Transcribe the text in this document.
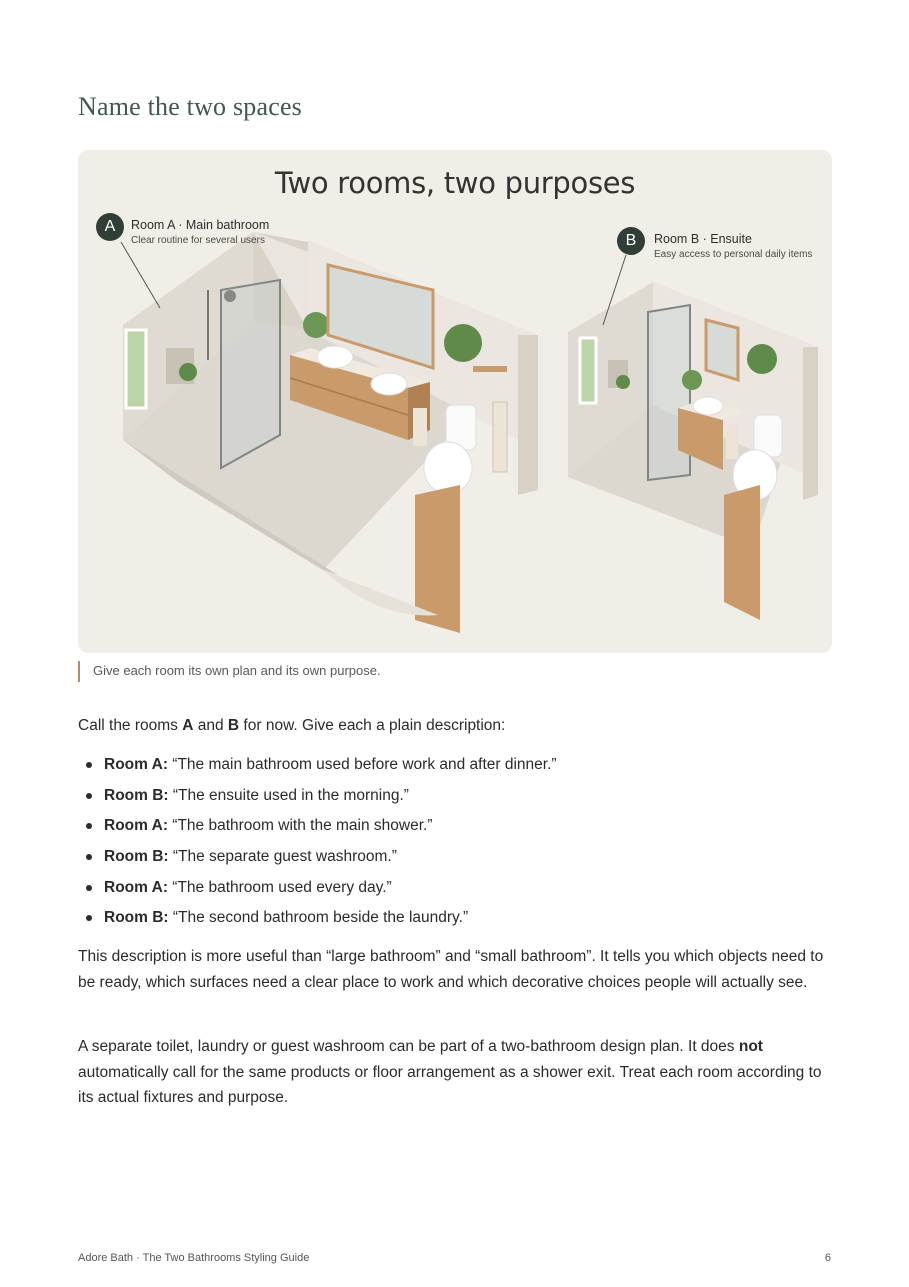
Name the two spaces
Two rooms, two purposes
A	Room A · Main bathroom
Clear routine for several users	B	Room B · Ensuite
Easy access to personal daily items
Give each room its own plan and its own purpose.

Call the rooms A and B for now. Give each a plain description:

Room A: “The main bathroom used before work and after dinner.”
Room B: “The ensuite used in the morning.”
Room A: “The bathroom with the main shower.”
Room B: “The separate guest washroom.”
Room A: “The bathroom used every day.”
Room B: “The second bathroom beside the laundry.”

This description is more useful than “large bathroom” and “small bathroom”. It tells you which objects need to be ready, which surfaces need a clear place to work and which decorative choices people will actually see.

A separate toilet, laundry or guest washroom can be part of a two-bathroom design plan. It does not automatically call for the same products or floor arrangement as a shower exit. Treat each room according to its actual fixtures and purpose.

Adore Bath · The Two Bathrooms Styling Guide	6
